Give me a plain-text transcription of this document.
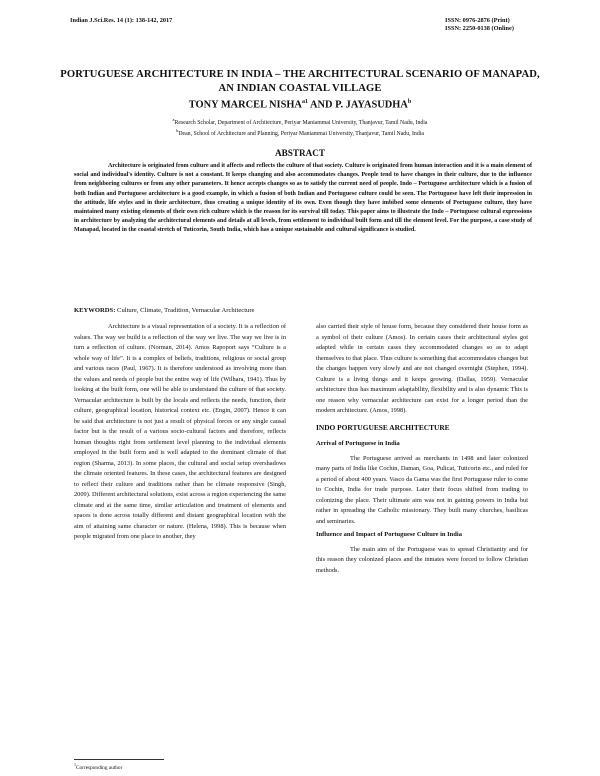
Indian J.Sci.Res. 14 (1): 138-142, 2017	ISSN: 0976-2876 (Print)
ISSN: 2250-0138 (Online)
PORTUGUESE ARCHITECTURE IN INDIA – THE ARCHITECTURAL SCENARIO OF MANAPAD, AN INDIAN COASTAL VILLAGE
TONY MARCEL $NISHA^{a1}$ AND P. JAYASUDHA$^b$
$^a$Research Scholar, Department of Architecture, Periyar Maniammai University, Thanjavur, Tamil Nadu, India
$^b$Dean, School of Architecture and Planning, Periyar Maniammai University, Thanjavur, Tamil Nadu, India
ABSTRACT
Architecture is originated from culture and it affects and reflects the culture of that society. Culture is originated from human interaction and it is a main element of social and individual's identity. Culture is not a constant. It keeps changing and also accommodates changes. People tend to have changes in their culture, due to the influence from neighboring cultures or from any other parameters. It hence accepts changes so as to satisfy the current need of people. Indo – Portuguese architecture which is a fusion of both Indian and Portuguese architecture is a good example, in which a fusion of both Indian and Portuguese culture could be seen. The Portuguese have left their impression in the attitude, life styles and in their architecture, thus creating a unique identity of its own. Even though they have imbibed some elements of Portuguese culture, they have maintained many existing elements of their own rich culture which is the reason for its survival till today. This paper aims to illustrate the Indo – Portuguese cultural expressions in architecture by analyzing the architectural elements and details at all levels, from settlement to individual built form and till the element level. For the purpose, a case study of Manapad, located in the coastal stretch of Tuticorin, South India, which has a unique sustainable and cultural significance is studied.
KEYWORDS: Culture, Climate, Tradition, Vernacular Architecture

Architecture is a visual representation of a society. It is a reflection of values. The way we build is a reflection of the way we live. The way we live is in turn a reflection of culture. (Norman, 2014). Amos Rapoport says “Culture is a whole way of life”. It is a complex of beliefs, traditions, religious or social group and various races (Paul, 1967). It is therefore understood as involving more than the values and needs of people but the entire way of life (Wilhara, 1941). Thus by looking at the built form, one will be able to understand the culture of that society. Vernacular architecture is built by the locals and reflects the needs, function, their culture, geographical location, historical context etc. (Engin, 2007). Hence it can be said that architecture is not just a result of physical forces or any single causal factor but is the result of a various socio-cultural factors and therefore, reflects human thoughts right from settlement level planning to the individual elements employed in the built form and is well adapted to the dominant climate of that region (Sharma, 2013). In some places, the cultural and social setup overshadows the climate oriented features. In these cases, the architectural features are designed to reflect their culture and traditions rather than be climate responsive (Singh, 2009). Different architectural solutions, exist across a region experiencing the same climate and at the same time, similar articulation and treatment of elements and spaces is done across totally different and distant geographical location with the aim of attaining same character or nature. (Helena, 1998). This is because when people migrated from one place to another, they

also carried their style of house form, because they considered their house form as a symbol of their culture (Amos). In certain cases their architectural styles got adapted while in certain cases they accommodated changes so as to adapt themselves to that place. Thus culture is something that accommodates changes but the changes happen very slowly and are not changed overnight (Stephen, 1994). Culture is a living things and it keeps growing. (Dallas, 1959). Vernacular architecture thus has maximum adaptability, flexibility and is also dynamic This is one reason why vernacular architecture can exist for a longer period than the modern architecture. (Amos, 1998).

INDO PORTUGUESE ARCHITECTURE

Arrival of Portuguese in India

The Portuguese arrived as merchants in 1498 and later colonized many parts of India like Cochin, Daman, Goa, Pulicat, Tuticorin etc., and ruled for a period of about 400 years. Vasco da Gama was the first Portuguese ruler to come to Cochin, India for trade purpose. Later their focus shifted from trading to colonizing the place. Their ultimate aim was not in gaining powers in India but rather in spreading the Catholic missionary. They built many churches, basilicas and seminaries.

Influence and Impact of Portuguese Culture in India

The main aim of the Portuguese was to spread Christianity and for this reason they colonized places and the inmates were forced to follow Christian methods.

$^1$Corresponding author
